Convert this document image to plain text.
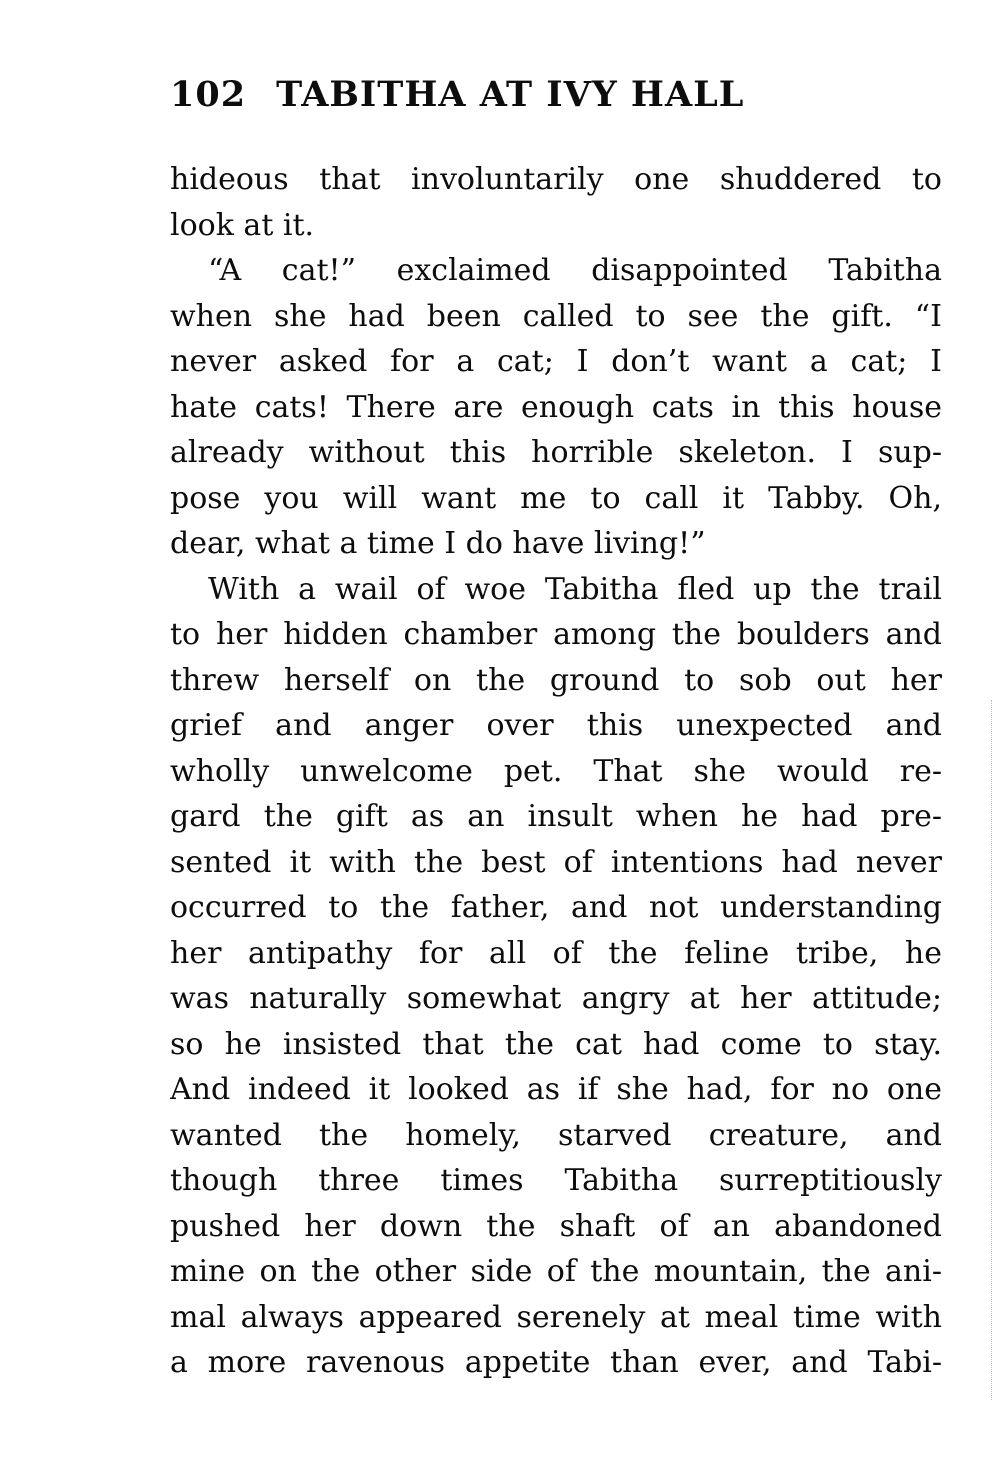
102 TABITHA AT IVY HALL
hideous that involuntarily one shuddered to
look at it.
“A cat!” exclaimed disappointed Tabitha
when she had been called to see the gift. “I
never asked for a cat; I don’t want a cat; I
hate cats! There are enough cats in this house
already without this horrible skeleton. I sup-
pose you will want me to call it Tabby. Oh,
dear, what a time I do have living!”
With a wail of woe Tabitha fled up the trail
to her hidden chamber among the boulders and
threw herself on the ground to sob out her
grief and anger over this unexpected and
wholly unwelcome pet. That she would re-
gard the gift as an insult when he had pre-
sented it with the best of intentions had never
occurred to the father, and not understanding
her antipathy for all of the feline tribe, he
was naturally somewhat angry at her attitude;
so he insisted that the cat had come to stay.
And indeed it looked as if she had, for no one
wanted the homely, starved creature, and
though three times Tabitha surreptitiously
pushed her down the shaft of an abandoned
mine on the other side of the mountain, the ani-
mal always appeared serenely at meal time with
a more ravenous appetite than ever, and Tabi-
